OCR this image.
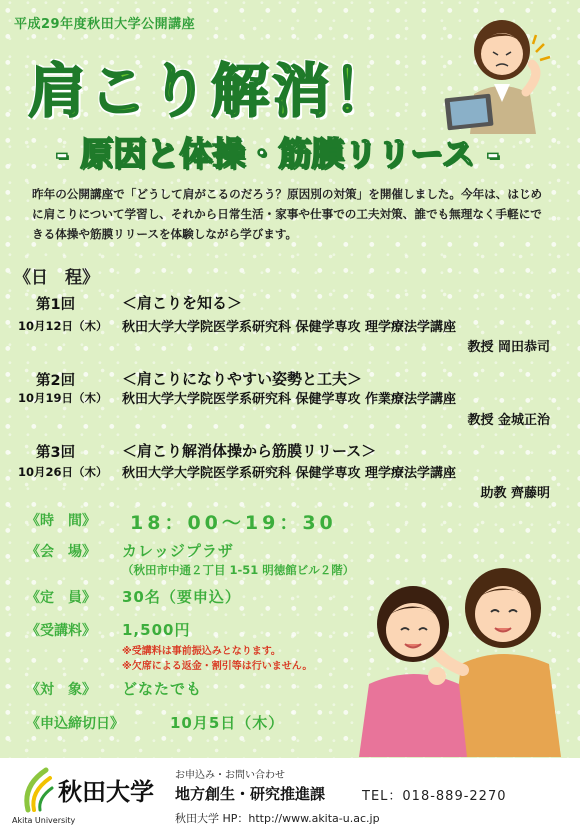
平成29年度秋田大学公開講座
肩こり解消！
- 原因と体操・筋膜リリース -
昨年の公開講座で「どうして肩がこるのだろう？原因別の対策」を開催しました。今年は、はじめに肩こりについて学習し、それから日常生活・家事や仕事での工夫対策、誰でも無理なく手軽にできる体操や筋膜リリースを体験しながら学びます。
《日　程》
第1回	＜肩こりを知る＞
10月12日（木） 秋田大学大学院医学系研究科 保健学専攻 理学療法学講座
教授 岡田恭司
第2回	＜肩こりになりやすい姿勢と工夫＞
10月19日（木） 秋田大学大学院医学系研究科 保健学専攻 作業療法学講座
教授 金城正治
第3回	＜肩こり解消体操から筋膜リリース＞
10月26日（木） 秋田大学大学院医学系研究科 保健学専攻 理学療法学講座
助教 齊藤明
《時　間》 18：00〜19：30
《会　場》 カレッジプラザ
（秋田市中通２丁目 1-51 明徳館ビル２階）
《定　員》 30名（要申込）
《受講料》 1,500円
※受講料は事前振込みとなります。
※欠席による返金・割引等は行いません。
《対　象》 どなたでも
《申込締切日》	10月5日（木）
秋田大学
Akita University
お申込み・お問い合わせ
地方創生・研究推進課	TEL：018-889-2270
秋田大学 HP：http://www.akita-u.ac.jp
